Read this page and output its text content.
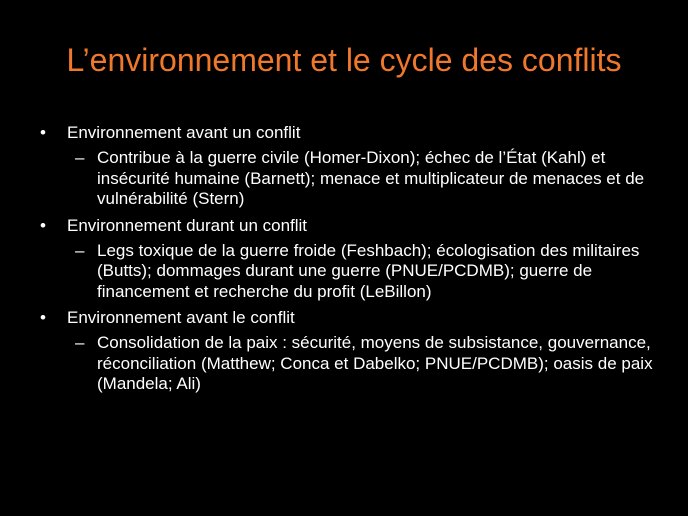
L’environnement et le cycle des conflits
• Environnement avant un conflit
– Contribue à la guerre civile (Homer-Dixon); échec de l’État (Kahl) et insécurité humaine (Barnett); menace et multiplicateur de menaces et de vulnérabilité (Stern)
• Environnement durant un conflit
– Legs toxique de la guerre froide (Feshbach); écologisation des militaires (Butts); dommages durant une guerre (PNUE/PCDMB); guerre de financement et recherche du profit (LeBillon)
• Environnement avant le conflit
– Consolidation de la paix : sécurité, moyens de subsistance, gouvernance, réconciliation (Matthew; Conca et Dabelko; PNUE/PCDMB); oasis de paix (Mandela; Ali)
